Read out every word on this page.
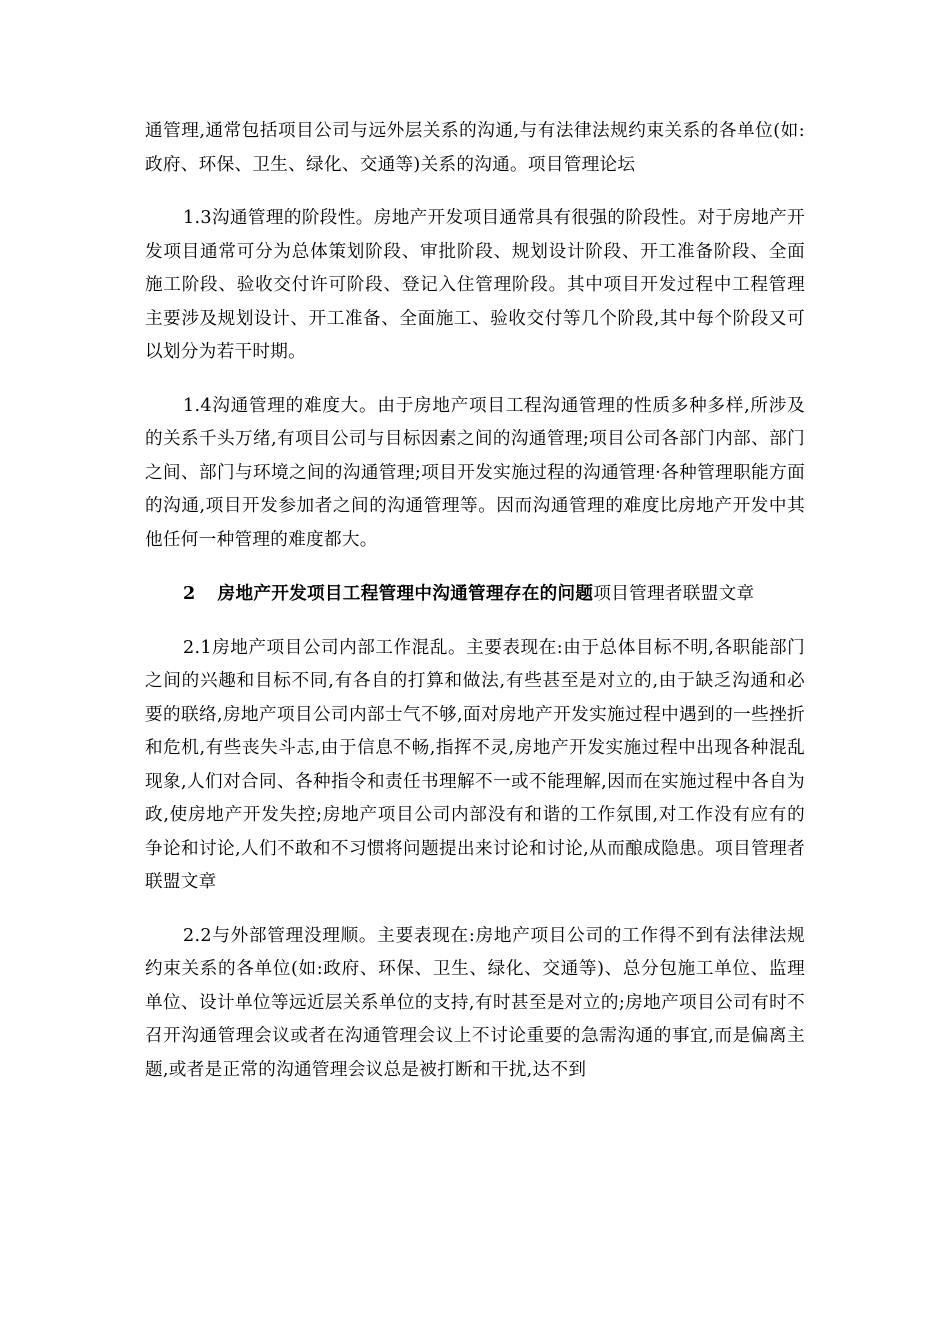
通管理,通常包括项目公司与远外层关系的沟通,与有法律法规约束关系的各单位(如:政府、环保、卫生、绿化、交通等)关系的沟通。项目管理论坛

1.3沟通管理的阶段性。房地产开发项目通常具有很强的阶段性。对于房地产开发项目通常可分为总体策划阶段、审批阶段、规划设计阶段、开工准备阶段、全面施工阶段、验收交付许可阶段、登记入住管理阶段。其中项目开发过程中工程管理主要涉及规划设计、开工准备、全面施工、验收交付等几个阶段,其中每个阶段又可以划分为若干时期。

1.4沟通管理的难度大。由于房地产项目工程沟通管理的性质多种多样,所涉及的关系千头万绪,有项目公司与目标因素之间的沟通管理;项目公司各部门内部、部门之间、部门与环境之间的沟通管理;项目开发实施过程的沟通管理·各种管理职能方面的沟通,项目开发参加者之间的沟通管理等。因而沟通管理的难度比房地产开发中其他任何一种管理的难度都大。

2 房地产开发项目工程管理中沟通管理存在的问题项目管理者联盟文章

2.1房地产项目公司内部工作混乱。主要表现在:由于总体目标不明,各职能部门之间的兴趣和目标不同,有各自的打算和做法,有些甚至是对立的,由于缺乏沟通和必要的联络,房地产项目公司内部士气不够,面对房地产开发实施过程中遇到的一些挫折和危机,有些丧失斗志,由于信息不畅,指挥不灵,房地产开发实施过程中出现各种混乱现象,人们对合同、各种指令和责任书理解不一或不能理解,因而在实施过程中各自为政,使房地产开发失控;房地产项目公司内部没有和谐的工作氛围,对工作没有应有的争论和讨论,人们不敢和不习惯将问题提出来讨论和讨论,从而酿成隐患。项目管理者联盟文章

2.2与外部管理没理顺。主要表现在:房地产项目公司的工作得不到有法律法规约束关系的各单位(如:政府、环保、卫生、绿化、交通等)、总分包施工单位、监理单位、设计单位等远近层关系单位的支持,有时甚至是对立的;房地产项目公司有时不召开沟通管理会议或者在沟通管理会议上不讨论重要的急需沟通的事宜,而是偏离主题,或者是正常的沟通管理会议总是被打断和干扰,达不到
